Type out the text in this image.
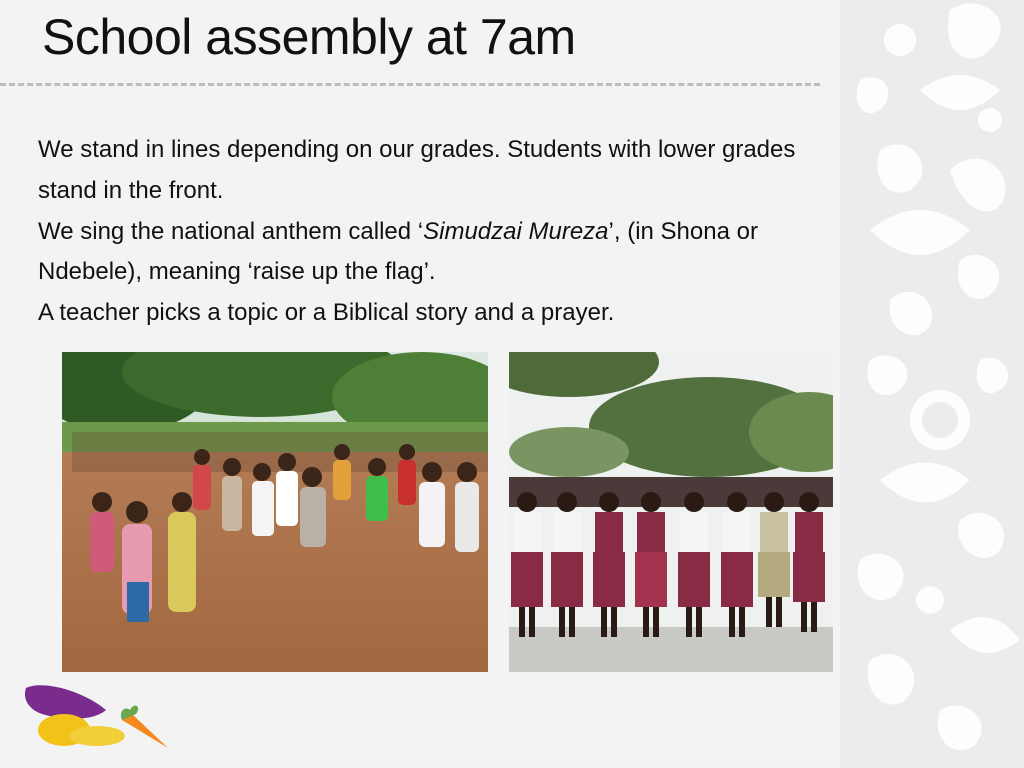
School assembly at 7am

We stand in lines depending on our grades. Students with lower grades stand in the front.

We sing the national anthem called ‘Simudzai Mureza’, (in Shona or Ndebele), meaning ‘raise up the flag’.

A teacher picks a topic or a Biblical story and a prayer.
